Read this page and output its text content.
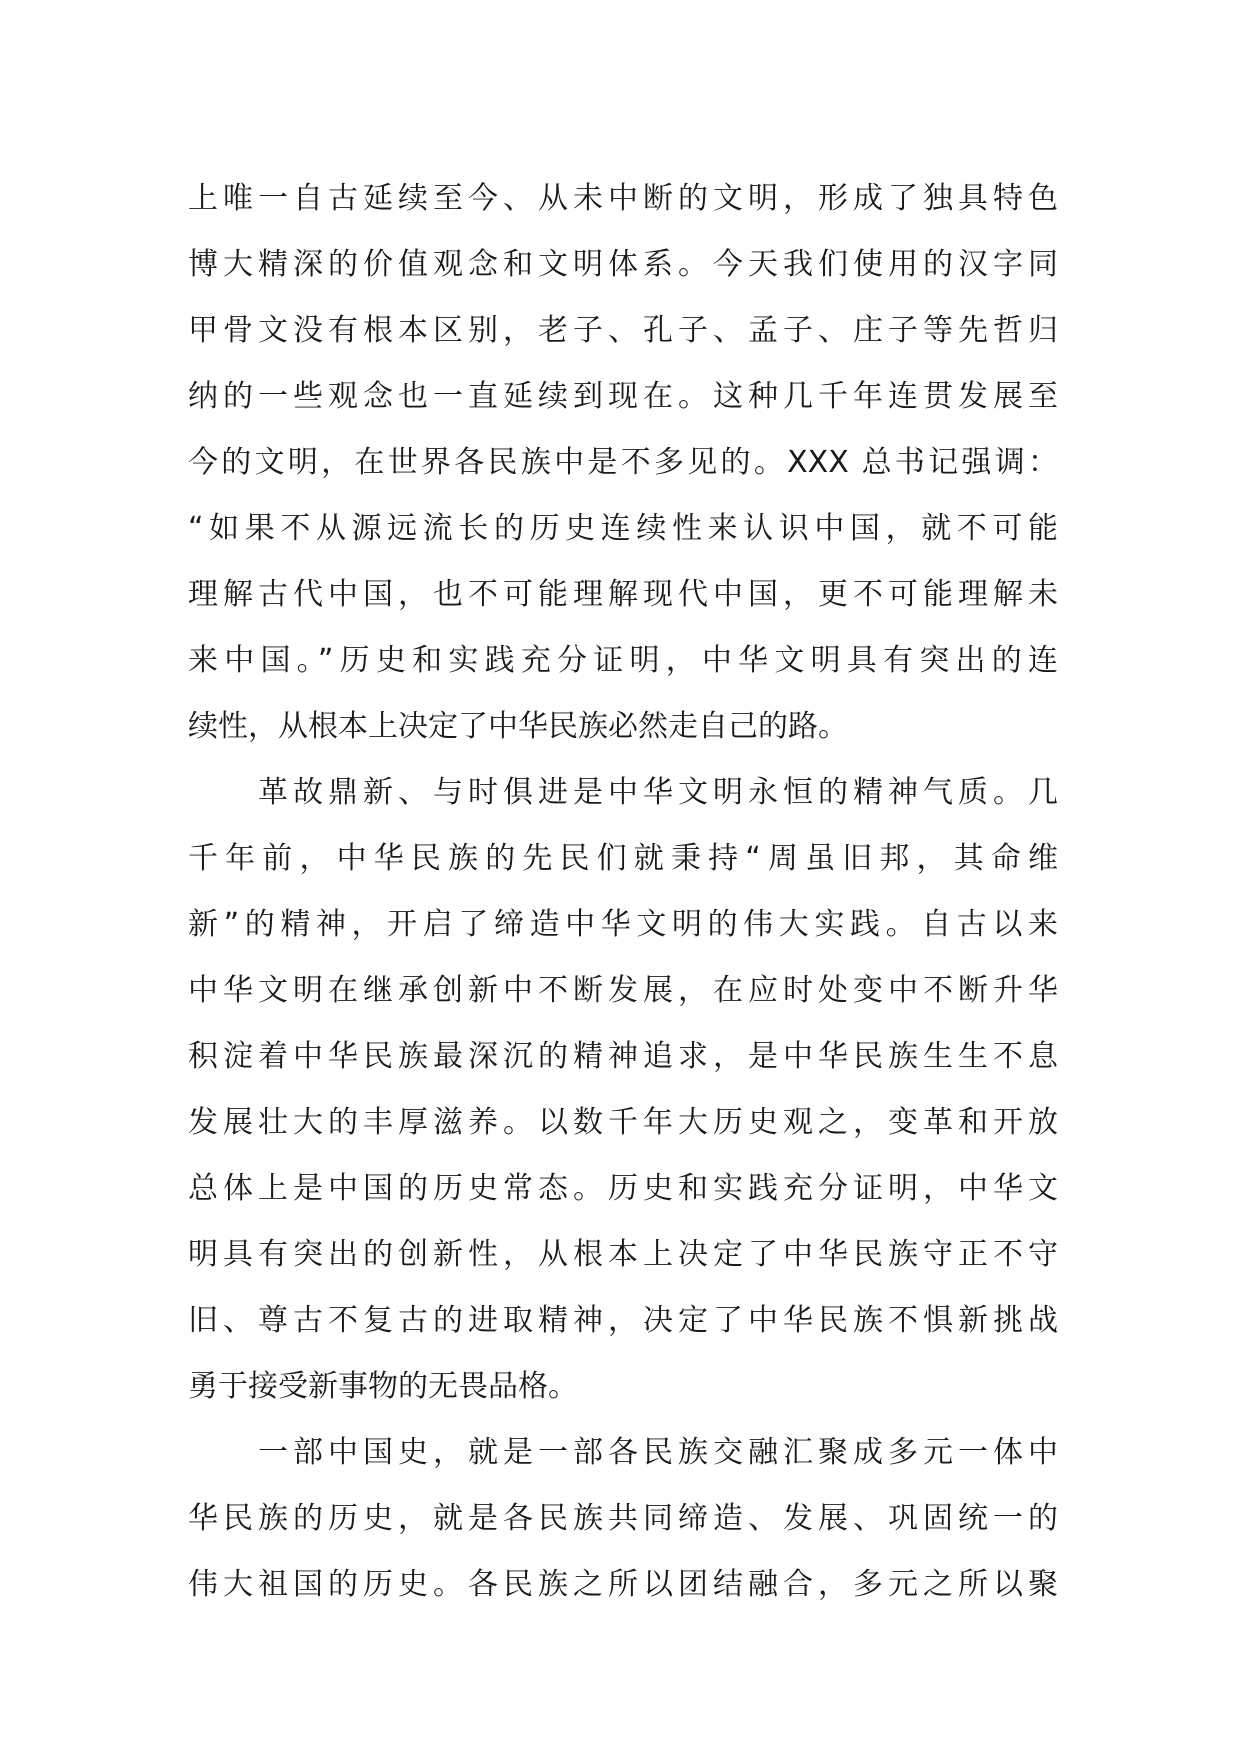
上唯一自古延续至今、从未中断的文明，形成了独具特色
博大精深的价值观念和文明体系。今天我们使用的汉字同
甲骨文没有根本区别，老子、孔子、孟子、庄子等先哲归
纳的一些观念也一直延续到现在。这种几千年连贯发展至
今的文明，在世界各民族中是不多见的。XXX 总书记强调：
“如果不从源远流长的历史连续性来认识中国，就不可能
理解古代中国，也不可能理解现代中国，更不可能理解未
来中国。”历史和实践充分证明，中华文明具有突出的连
续性，从根本上决定了中华民族必然走自己的路。
　　革故鼎新、与时俱进是中华文明永恒的精神气质。几
千年前，中华民族的先民们就秉持“周虽旧邦，其命维
新”的精神，开启了缔造中华文明的伟大实践。自古以来
中华文明在继承创新中不断发展，在应时处变中不断升华
积淀着中华民族最深沉的精神追求，是中华民族生生不息
发展壮大的丰厚滋养。以数千年大历史观之，变革和开放
总体上是中国的历史常态。历史和实践充分证明，中华文
明具有突出的创新性，从根本上决定了中华民族守正不守
旧、尊古不复古的进取精神，决定了中华民族不惧新挑战
勇于接受新事物的无畏品格。
　　一部中国史，就是一部各民族交融汇聚成多元一体中
华民族的历史，就是各民族共同缔造、发展、巩固统一的
伟大祖国的历史。各民族之所以团结融合，多元之所以聚
